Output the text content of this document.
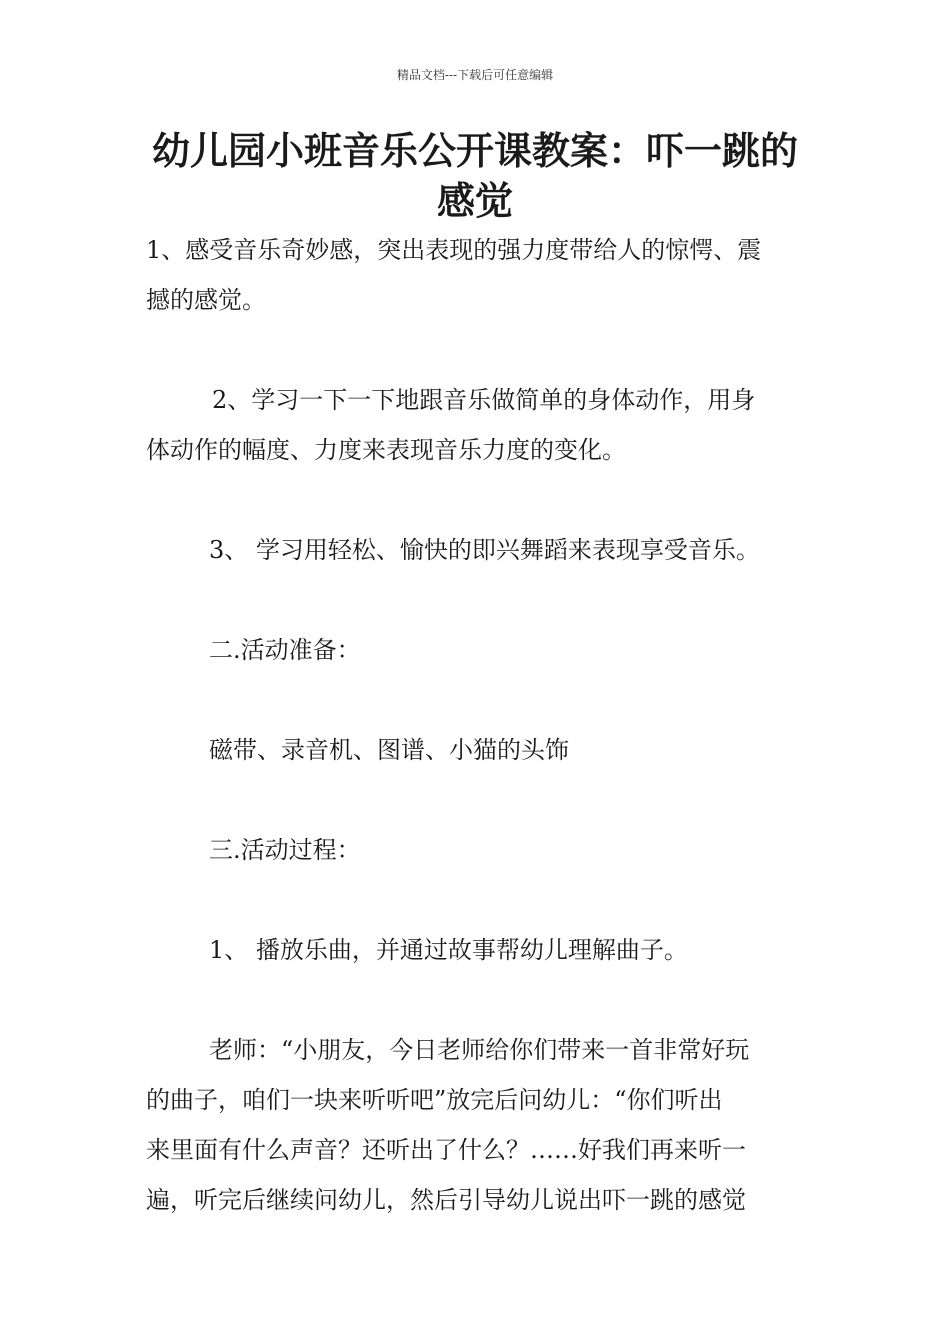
精品文档---下载后可任意编辑
幼儿园小班音乐公开课教案：吓一跳的
感觉
1、感受音乐奇妙感，突出表现的强力度带给人的惊愕、震
撼的感觉。
2、学习一下一下地跟音乐做简单的身体动作，用身
体动作的幅度、力度来表现音乐力度的变化。
3、 学习用轻松、愉快的即兴舞蹈来表现享受音乐。
二.活动准备：
磁带、录音机、图谱、小猫的头饰
三.活动过程：
1、 播放乐曲，并通过故事帮幼儿理解曲子。
老师：“小朋友，今日老师给你们带来一首非常好玩
的曲子，咱们一块来听听吧”放完后问幼儿：“你们听出
来里面有什么声音？还听出了什么？……好我们再来听一
遍，听完后继续问幼儿，然后引导幼儿说出吓一跳的感觉
